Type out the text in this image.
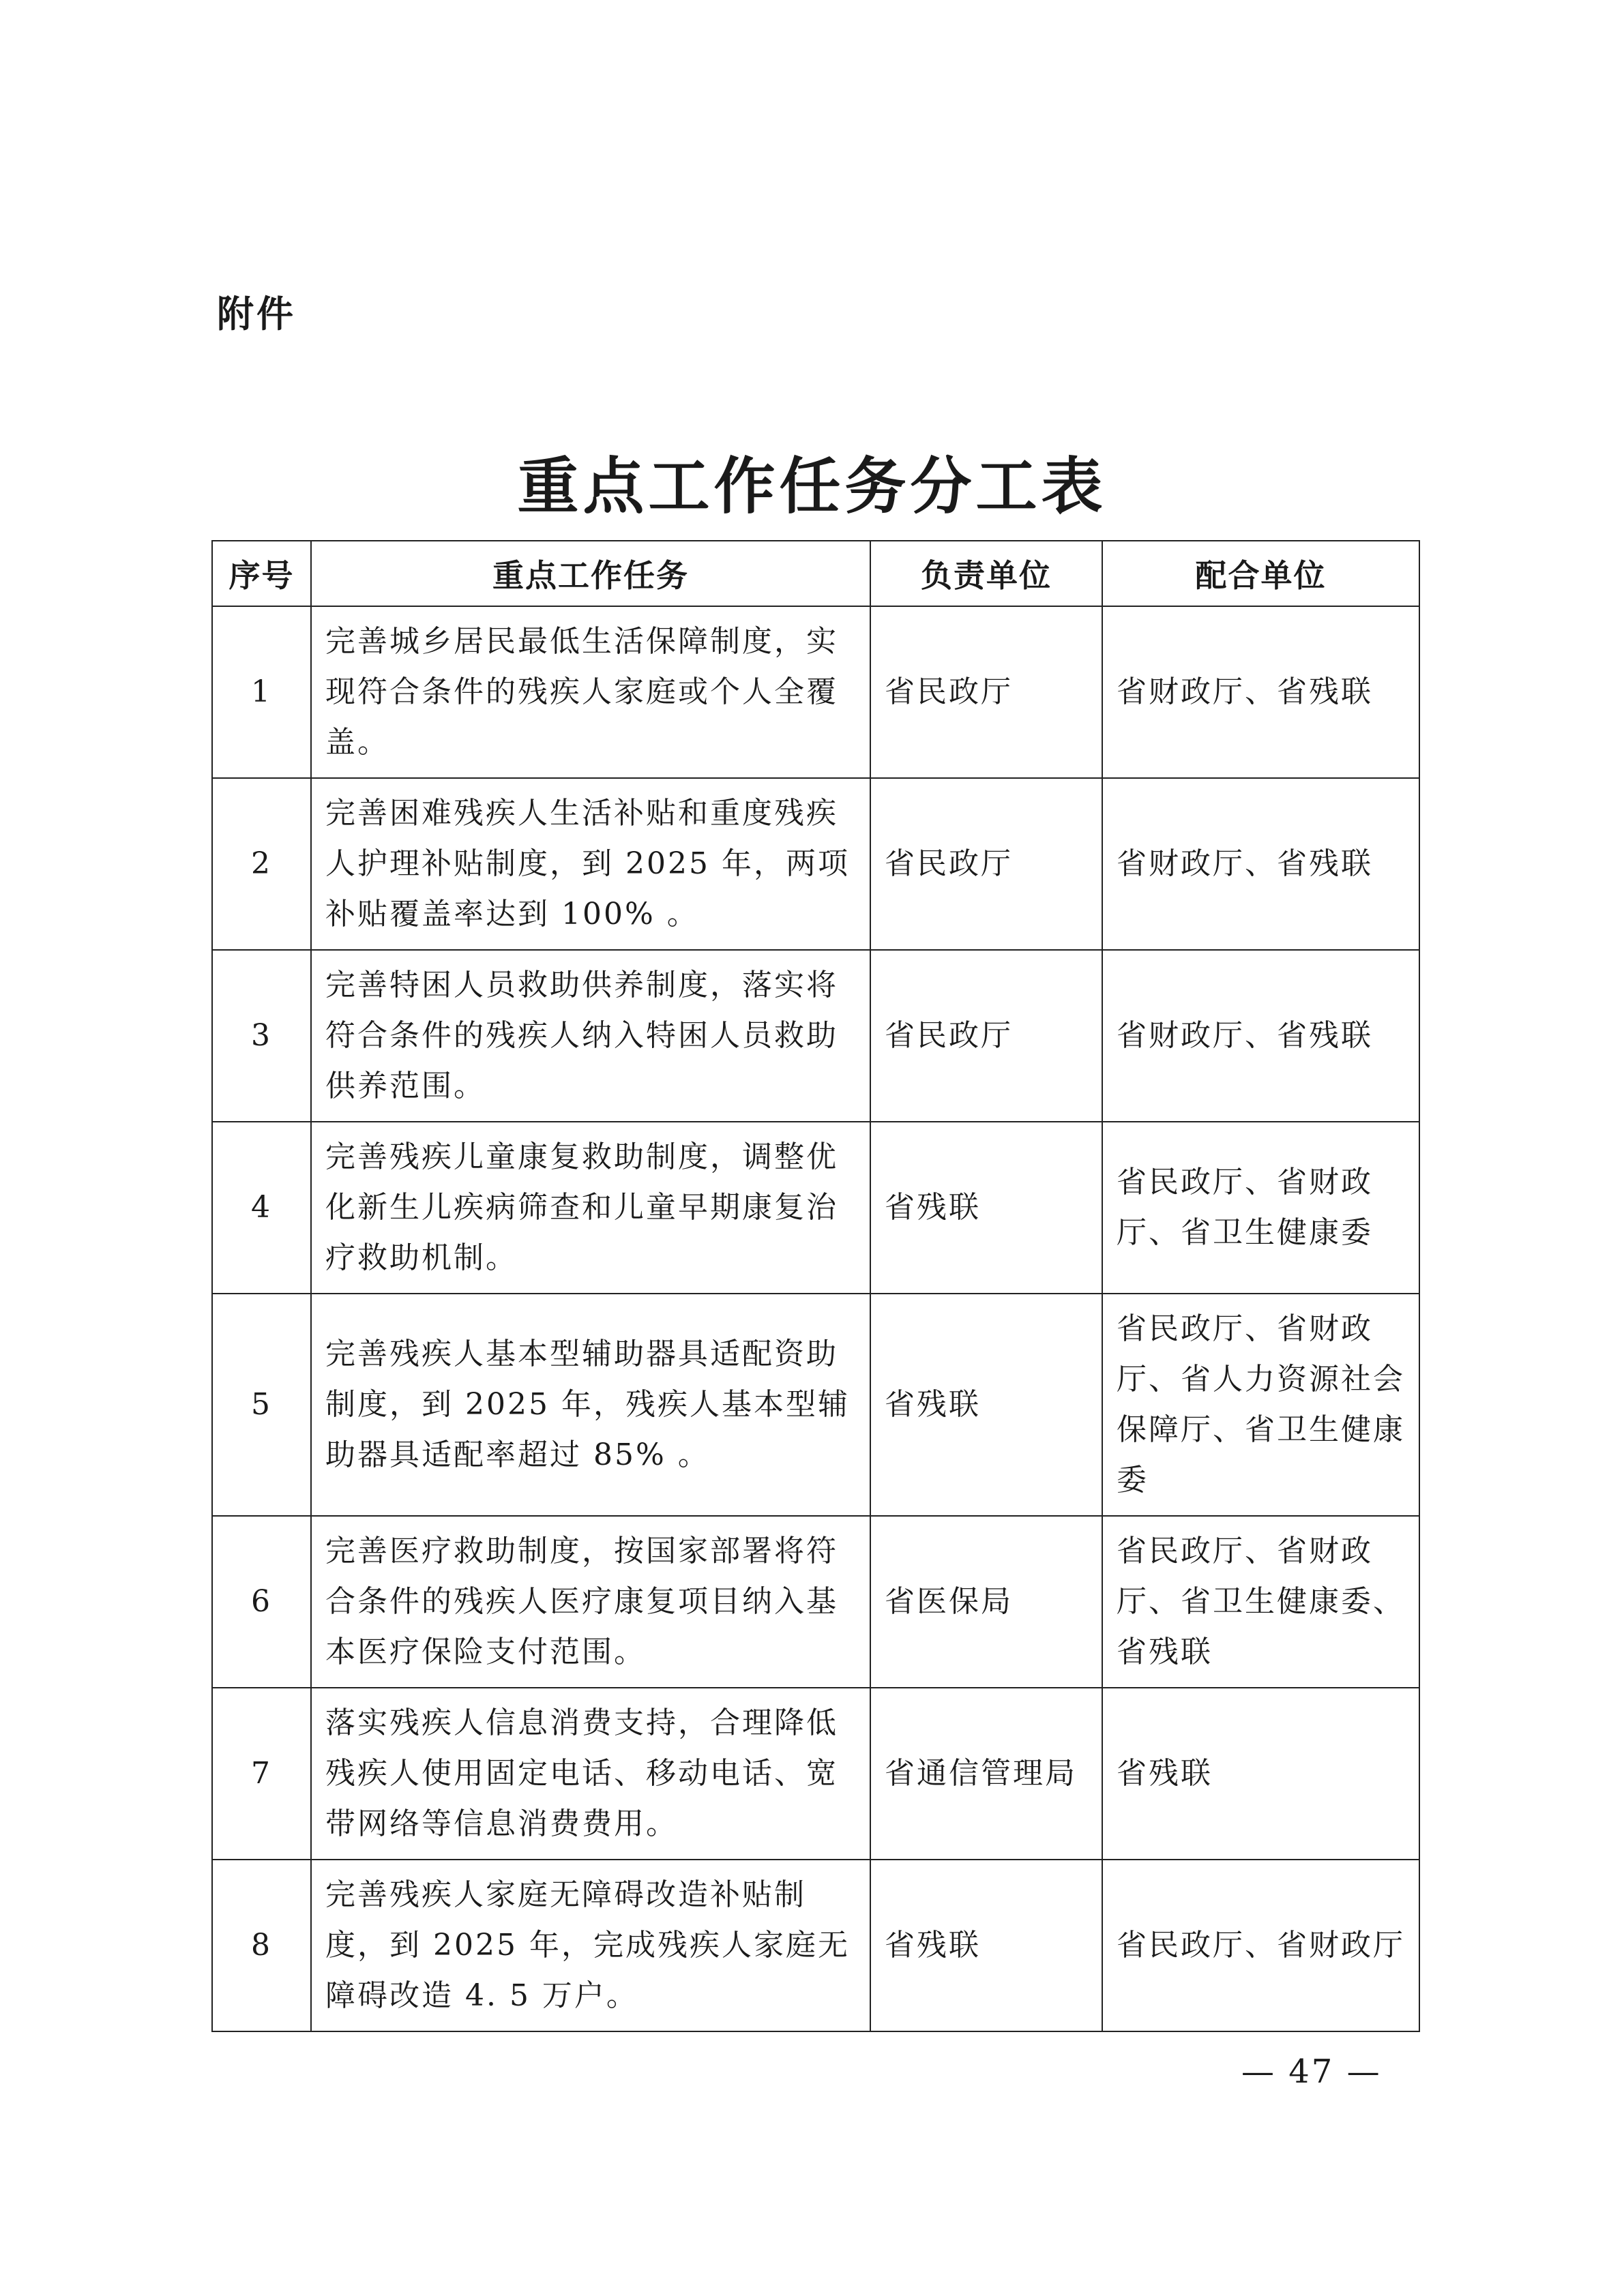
附件
重点工作任务分工表
序号	重点工作任务	负责单位	配合单位
1	完善城乡居民最低生活保障制度，实现符合条件的残疾人家庭或个人全覆盖。	省民政厅	省财政厅、省残联
2	完善困难残疾人生活补贴和重度残疾人护理补贴制度，到 2025 年，两项补贴覆盖率达到 100% 。	省民政厅	省财政厅、省残联
3	完善特困人员救助供养制度，落实将符合条件的残疾人纳入特困人员救助供养范围。	省民政厅	省财政厅、省残联
4	完善残疾儿童康复救助制度，调整优化新生儿疾病筛查和儿童早期康复治疗救助机制。	省残联	省民政厅、省财政厅、省卫生健康委
5	完善残疾人基本型辅助器具适配资助制度，到 2025 年，残疾人基本型辅助器具适配率超过 85% 。	省残联	省民政厅、省财政厅、省人力资源社会保障厅、省卫生健康委
6	完善医疗救助制度，按国家部署将符合条件的残疾人医疗康复项目纳入基本医疗保险支付范围。	省医保局	省民政厅、省财政厅、省卫生健康委、省残联
7	落实残疾人信息消费支持，合理降低残疾人使用固定电话、移动电话、宽带网络等信息消费费用。	省通信管理局	省残联
8	完善残疾人家庭无障碍改造补贴制度，到 2025 年，完成残疾人家庭无障碍改造 4. 5 万户。	省残联	省民政厅、省财政厅
— 47 —
